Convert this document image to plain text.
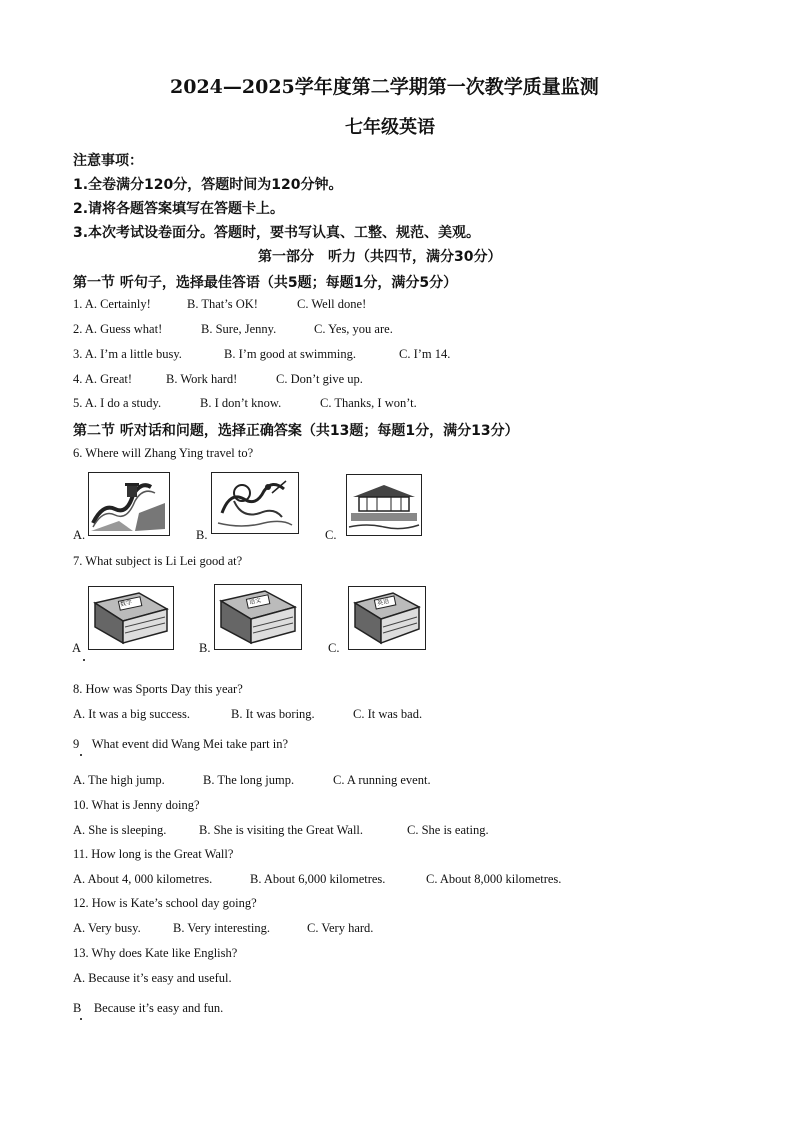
2024—2025学年度第二学期第一次教学质量监测
七年级英语
注意事项：
1.全卷满分120分，答题时间为120分钟。
2.请将各题答案填写在答题卡上。
3.本次考试设卷面分。答题时，要书写认真、工整、规范、美观。
第一部分　听力（共四节，满分30分）
第一节 听句子，选择最佳答语（共5题；每题1分，满分5分）
1. A. Certainly!	B. That’s OK!	C. Well done!
2. A. Guess what!	B. Sure, Jenny.	C. Yes, you are.
3. A. I’m a little busy.	B. I’m good at swimming.	C. I’m 14.
4. A. Great!	B. Work hard!	C. Don’t give up.
5. A. I do a study.	B. I don’t know.	C. Thanks, I won’t.
第二节 听对话和问题，选择正确答案（共13题；每题1分，满分13分）
6. Where will Zhang Ying travel to?
A.	B.	C.
7. What subject is Li Lei good at?
数学
A
语文
B.
英语
C.
8. How was Sports Day this year?
A. It was a big success.	B. It was boring.	C. It was bad.
9　What event did Wang Mei take part in?
A. The high jump.	B. The long jump.	C. A running event.
10. What is Jenny doing?
A. She is sleeping.	B. She is visiting the Great Wall.	C. She is eating.
11. How long is the Great Wall?
A. About 4, 000 kilometres.	B. About 6,000 kilometres.	C. About 8,000 kilometres.
12. How is Kate’s school day going?
A. Very busy.	B. Very interesting.	C. Very hard.
13. Why does Kate like English?
A. Because it’s easy and useful.
B　Because it’s easy and fun.
